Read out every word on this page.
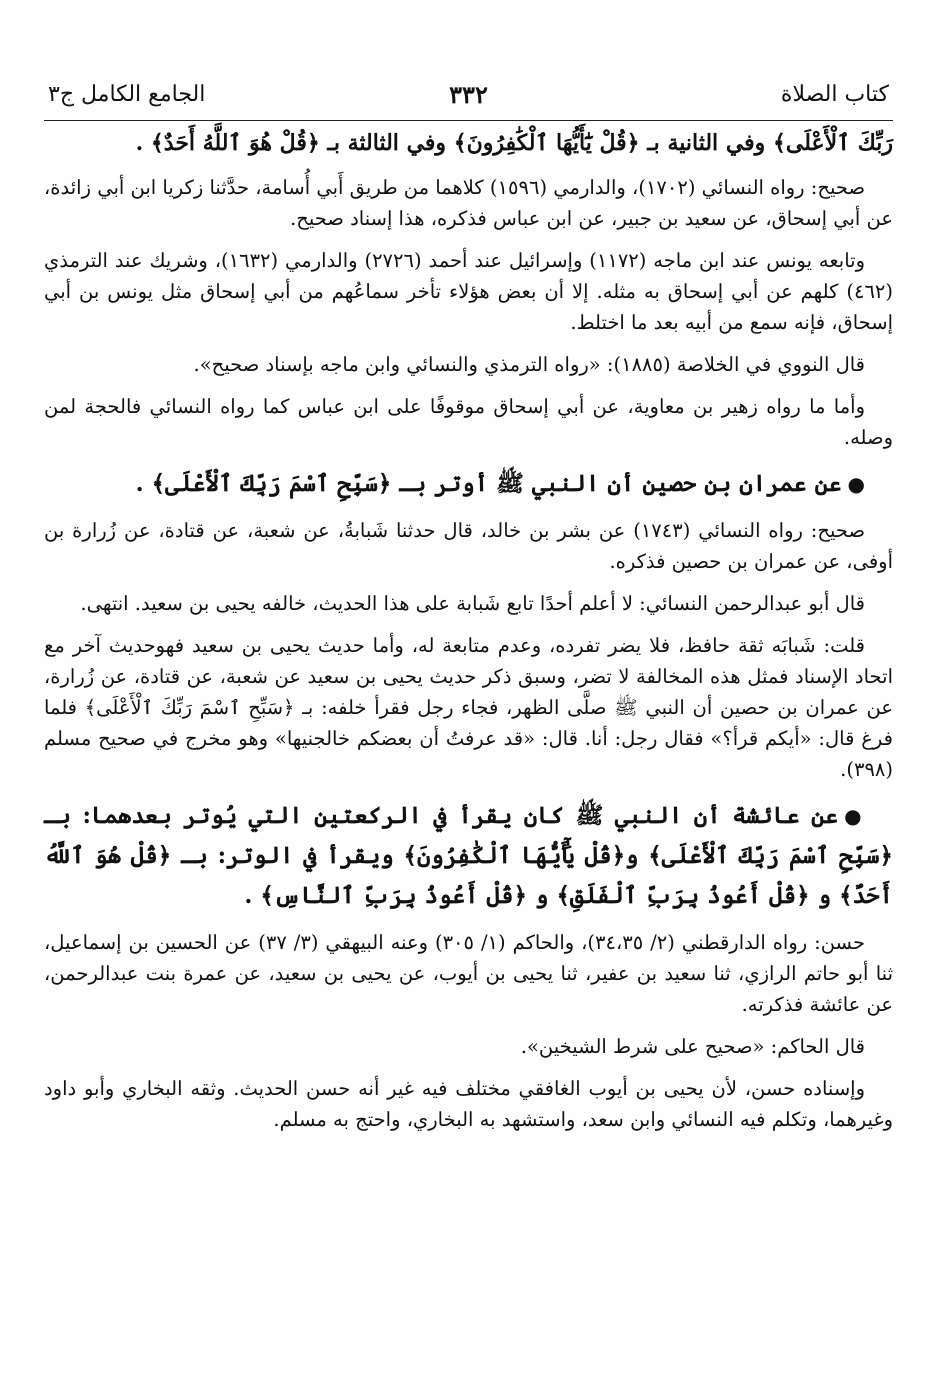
كتاب الصلاة
٣٣٢
الجامع الكامل ج٣

رَبِّكَ ٱلْأَعْلَى﴾ وفي الثانية بـ ﴿قُلْ يَٰٓأَيُّهَا ٱلْكَٰفِرُونَ﴾ وفي الثالثة بـ ﴿قُلْ هُوَ ٱللَّهُ أَحَدٌ﴾ .

صحيح: رواه النسائي (١٧٠٢)، والدارمي (١٥٩٦) كلاهما من طريق أَبي أُسامة، حدَّثنا زكريا ابن أبي زائدة، عن أبي إسحاق، عن سعيد بن جبير، عن ابن عباس فذكره، هذا إسناد صحيح.

وتابعه يونس عند ابن ماجه (١١٧٢) وإسرائيل عند أحمد (٢٧٢٦) والدارمي (١٦٣٢)، وشريك عند الترمذي (٤٦٢) كلهم عن أبي إسحاق به مثله. إلا أن بعض هؤلاء تأخر سماعُهم من أبي إسحاق مثل يونس بن أبي إسحاق، فإنه سمع من أبيه بعد ما اختلط.

قال النووي في الخلاصة (١٨٨٥): «رواه الترمذي والنسائي وابن ماجه بإسناد صحيح».

وأما ما رواه زهير بن معاوية، عن أبي إسحاق موقوفًا على ابن عباس كما رواه النسائي فالحجة لمن وصله.

●عن عمران بن حصين أن النبي ﷺ أوتر بـ ﴿سَبِّحِ ٱسْمَ رَبِّكَ ٱلْأَعْلَى﴾ .

صحيح: رواه النسائي (١٧٤٣) عن بشر بن خالد، قال حدثنا شَبابةُ، عن شعبة، عن قتادة، عن زُرارة بن أوفى، عن عمران بن حصين فذكره.

قال أبو عبدالرحمن النسائي: لا أعلم أحدًا تابع شَبابة على هذا الحديث، خالفه يحيى بن سعيد. انتهى.

قلت: شَبابَه ثقة حافظ، فلا يضر تفرده، وعدم متابعة له، وأما حديث يحيى بن سعيد فهوحديث آخر مع اتحاد الإسناد فمثل هذه المخالفة لا تضر، وسبق ذكر حديث يحيى بن سعيد عن شعبة، عن قتادة، عن زُرارة، عن عمران بن حصين أن النبي ﷺ صلَّى الظهر، فجاء رجل فقرأ خلفه: بـ ﴿سَبِّحِ ٱسْمَ رَبِّكَ ٱلْأَعْلَى﴾ فلما فرغ قال: «أيكم قرأ؟» فقال رجل: أنا. قال: «قد عرفتُ أن بعضكم خالجنيها» وهو مخرج في صحيح مسلم (٣٩٨).

●عن عائشة أن النبي ﷺ كان يقرأ في الركعتين التي يُوتر بعدهما: بـ ﴿سَبِّحِ ٱسْمَ رَبِّكَ ٱلْأَعْلَى﴾ و﴿قُلْ يَٰٓأَيُّهَا ٱلْكَٰفِرُونَ﴾ ويقرأ في الوتر: بـ ﴿قُلْ هُوَ ٱللَّهُ أَحَدٌ﴾ و ﴿قُلْ أَعُوذُ بِرَبِّ ٱلْفَلَقِ﴾ و ﴿قُلْ أَعُوذُ بِرَبِّ ٱلنَّاسِ﴾ .

حسن: رواه الدارقطني (٢/ ٣٤،٣٥)، والحاكم (١/ ٣٠٥) وعنه البيهقي (٣/ ٣٧) عن الحسين بن إسماعيل، ثنا أبو حاتم الرازي، ثنا سعيد بن عفير، ثنا يحيى بن أيوب، عن يحيى بن سعيد، عن عمرة بنت عبدالرحمن، عن عائشة فذكرته.

قال الحاكم: «صحيح على شرط الشيخين».

وإسناده حسن، لأن يحيى بن أيوب الغافقي مختلف فيه غير أنه حسن الحديث. وثقه البخاري وأبو داود وغيرهما، وتكلم فيه النسائي وابن سعد، واستشهد به البخاري، واحتج به مسلم.
